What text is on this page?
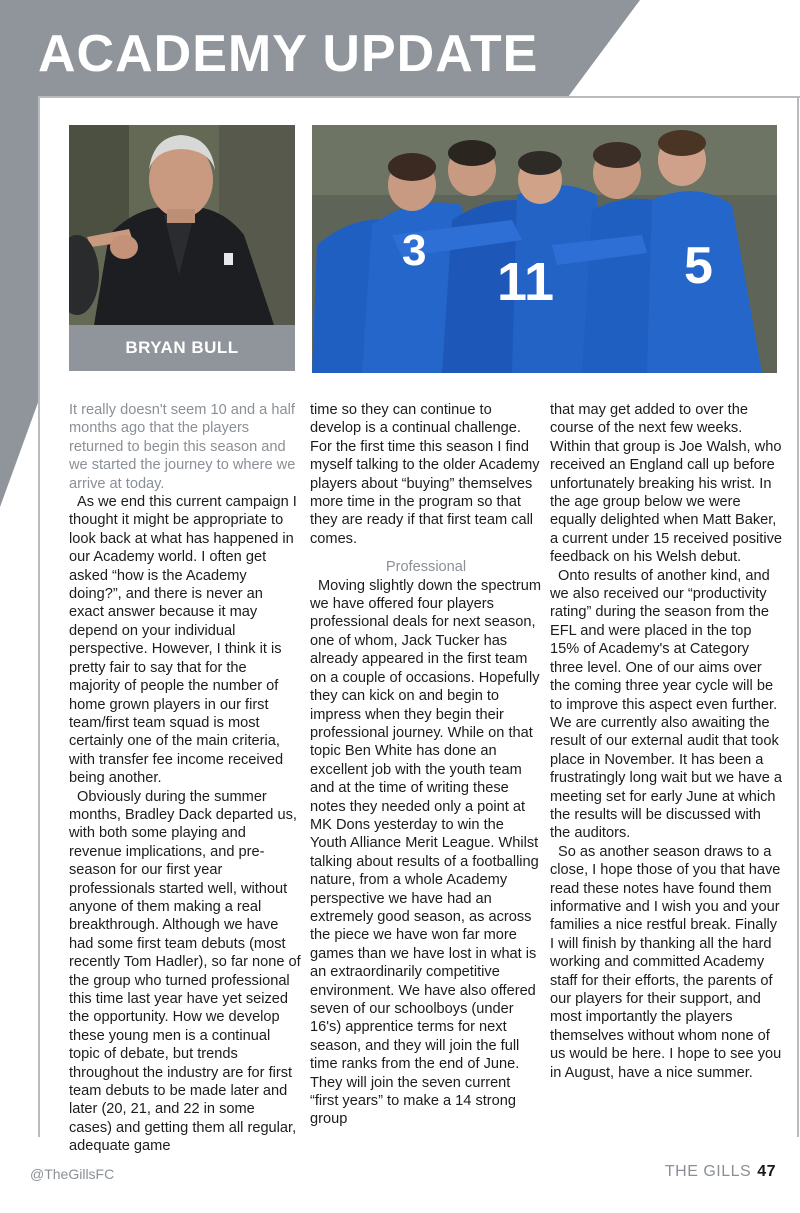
ACADEMY UPDATE
BRYAN BULL
3
11 5

It really doesn't seem 10 and a half months ago that the players returned to begin this season and we started the journey to where we arrive at today.

As we end this current campaign I thought it might be appropriate to look back at what has happened in our Academy world. I often get asked “how is the Academy doing?”, and there is never an exact answer because it may depend on your individual perspective. However, I think it is pretty fair to say that for the majority of people the number of home grown players in our first team/first team squad is most certainly one of the main criteria, with transfer fee income received being another.

Obviously during the summer months, Bradley Dack departed us, with both some playing and revenue implications, and pre-season for our first year professionals started well, without anyone of them making a real breakthrough. Although we have had some first team debuts (most recently Tom Hadler), so far none of the group who turned professional this time last year have yet seized the opportunity. How we develop these young men is a continual topic of debate, but trends throughout the industry are for first team debuts to be made later and later (20, 21, and 22 in some cases) and getting them all regular, adequate game

time so they can continue to develop is a continual challenge. For the first time this season I find myself talking to the older Academy players about “buying” themselves more time in the program so that they are ready if that first team call comes.

Professional

Moving slightly down the spectrum we have offered four players professional deals for next season, one of whom, Jack Tucker has already appeared in the first team on a couple of occasions. Hopefully they can kick on and begin to impress when they begin their professional journey. While on that topic Ben White has done an excellent job with the youth team and at the time of writing these notes they needed only a point at MK Dons yesterday to win the Youth Alliance Merit League. Whilst talking about results of a footballing nature, from a whole Academy perspective we have had an extremely good season, as across the piece we have won far more games than we have lost in what is an extraordinarily competitive environment. We have also offered seven of our schoolboys (under 16's) apprentice terms for next season, and they will join the full time ranks from the end of June. They will join the seven current “first years” to make a 14 strong group

that may get added to over the course of the next few weeks. Within that group is Joe Walsh, who received an England call up before unfortunately breaking his wrist. In the age group below we were equally delighted when Matt Baker, a current under 15 received positive feedback on his Welsh debut.

Onto results of another kind, and we also received our “productivity rating” during the season from the EFL and were placed in the top 15% of Academy's at Category three level. One of our aims over the coming three year cycle will be to improve this aspect even further. We are currently also awaiting the result of our external audit that took place in November. It has been a frustratingly long wait but we have a meeting set for early June at which the results will be discussed with the auditors.

So as another season draws to a close, I hope those of you that have read these notes have found them informative and I wish you and your families a nice restful break. Finally I will finish by thanking all the hard working and committed Academy staff for their efforts, the parents of our players for their support, and most importantly the players themselves without whom none of us would be here. I hope to see you in August, have a nice summer.

@TheGillsFC	THE GILLS 47
